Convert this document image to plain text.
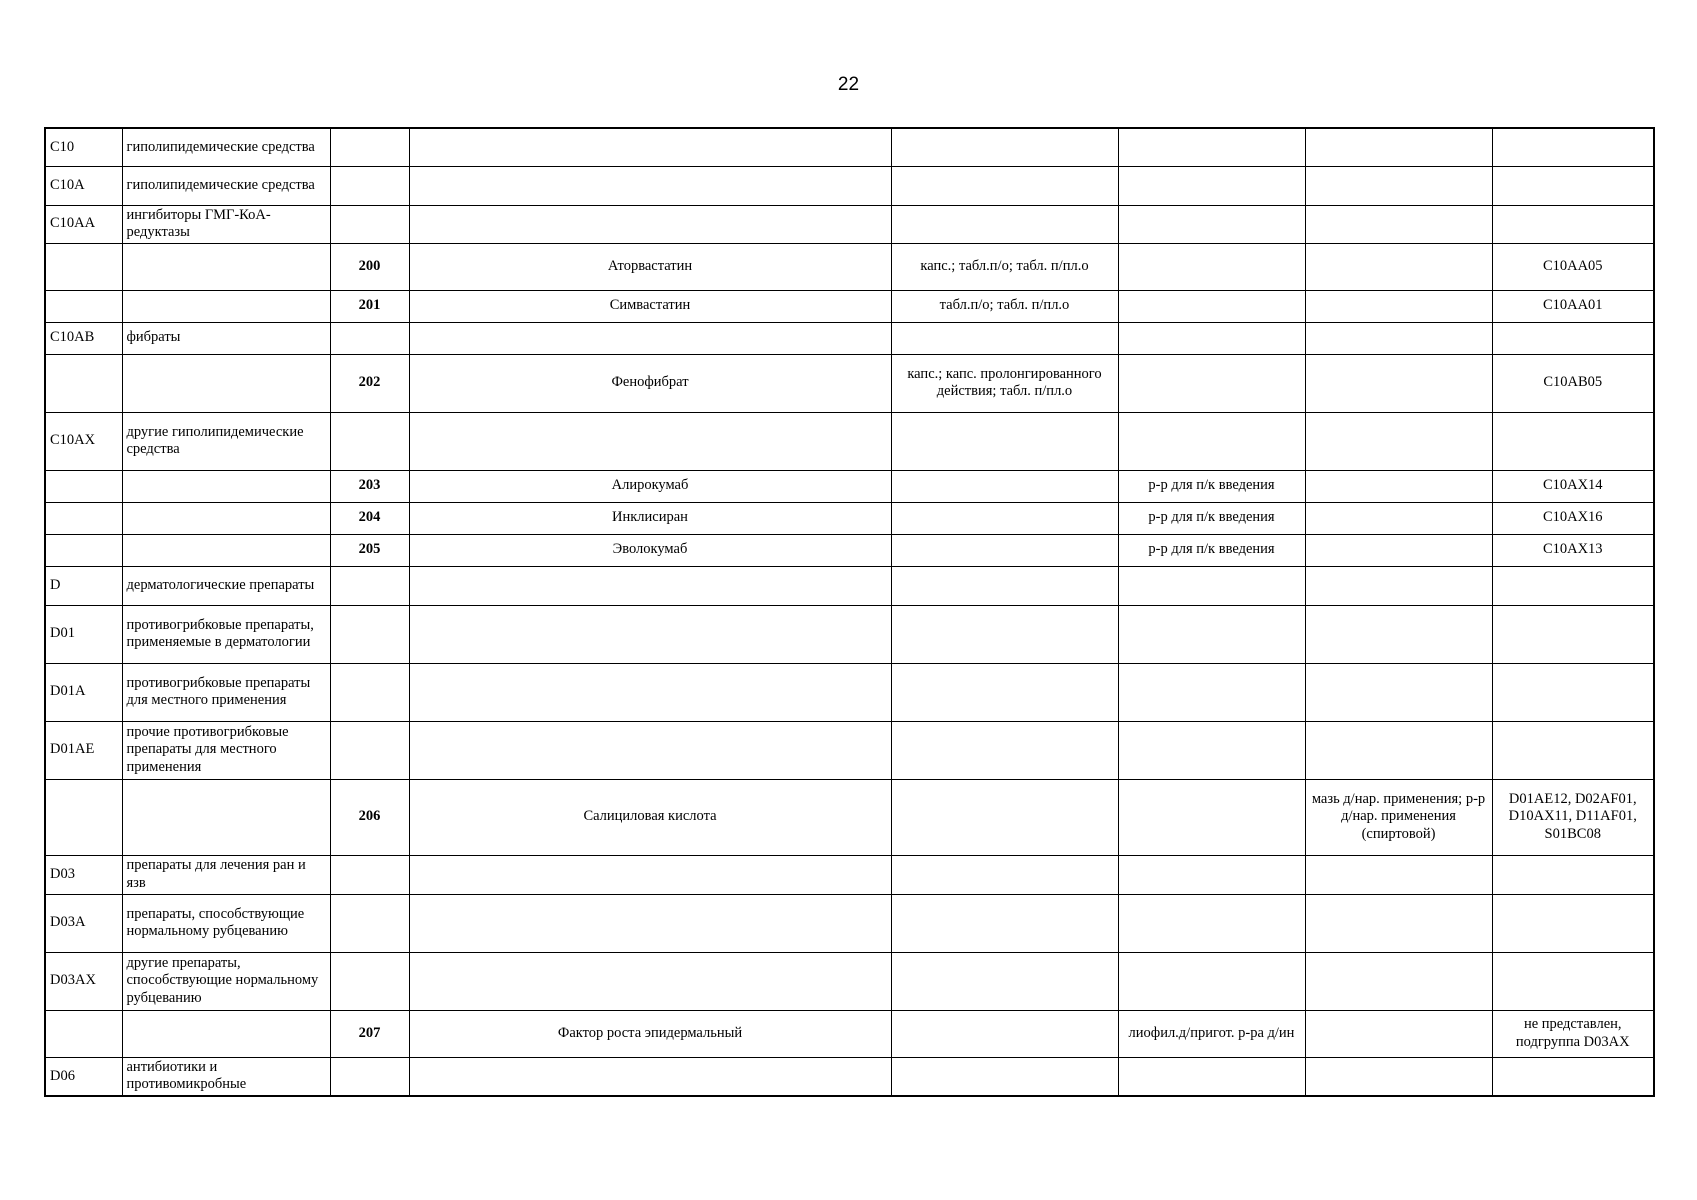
22
C10	гиполипидемические средства						
C10A	гиполипидемические средства						
C10AA	ингибиторы ГМГ-КоА-редуктазы						
		200	Аторвастатин	капс.; табл.п/о; табл. п/пл.о			C10AA05
		201	Симвастатин	табл.п/о; табл. п/пл.о			C10AA01
C10AB	фибраты						
		202	Фенофибрат	капс.; капс. пролонгированного действия; табл. п/пл.о			C10AB05
C10AX	другие гиполипидемические средства						
		203	Алирокумаб		р-р для п/к введения		C10AX14
		204	Инклисиран		р-р для п/к введения		C10AX16
		205	Эволокумаб		р-р для п/к введения		C10AX13
D	дерматологические препараты						
D01	противогрибковые препараты, применяемые в дерматологии						
D01A	противогрибковые препараты для местного применения						
D01AE	прочие противогрибковые препараты для местного применения						
		206	Салициловая кислота			мазь д/нар. применения; р-р д/нар. применения (спиртовой)	D01AE12, D02AF01, D10AX11, D11AF01, S01BC08
D03	препараты для лечения ран и язв						
D03A	препараты, способствующие нормальному рубцеванию						
D03AX	другие препараты, способствующие нормальному рубцеванию						
		207	Фактор роста эпидермальный		лиофил.д/пригот. р-ра д/ин		не представлен, подгруппа D03AX
D06	антибиотики и противомикробные						
